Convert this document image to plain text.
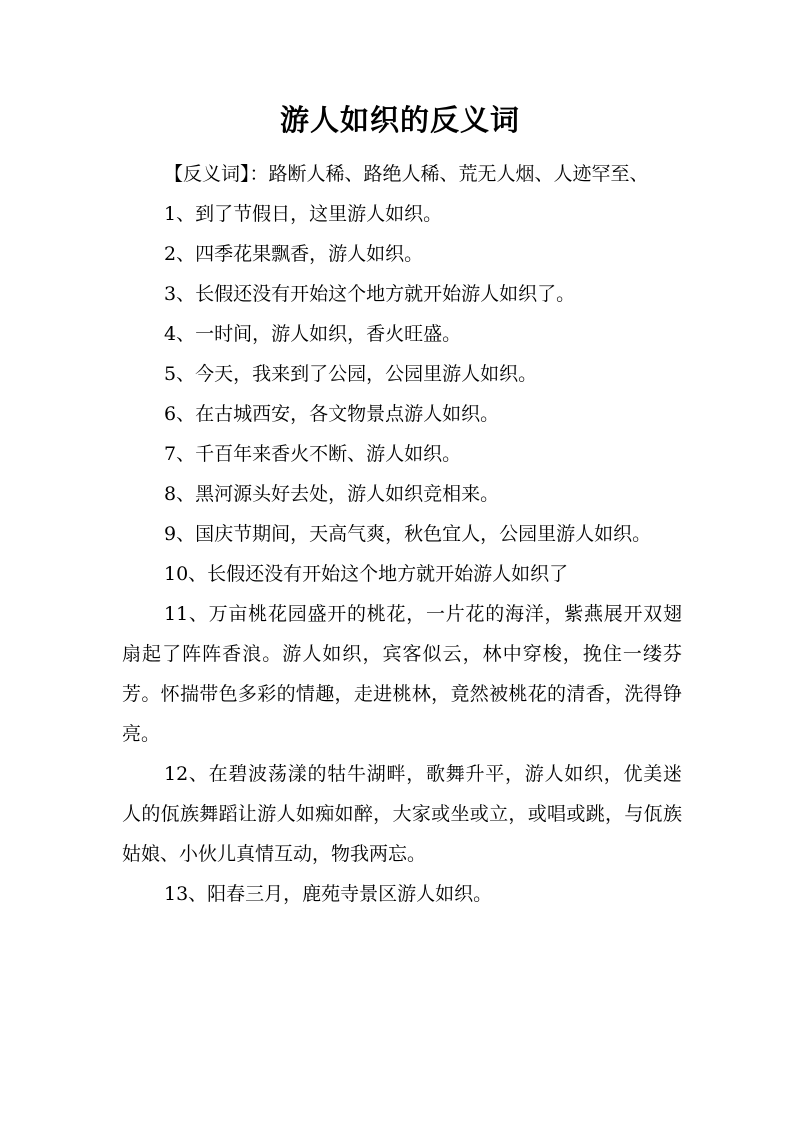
游人如织的反义词

【反义词】：路断人稀、路绝人稀、荒无人烟、人迹罕至、

1、到了节假日，这里游人如织。

2、四季花果飘香，游人如织。

3、长假还没有开始这个地方就开始游人如织了。

4、一时间，游人如织，香火旺盛。

5、今天，我来到了公园，公园里游人如织。

6、在古城西安，各文物景点游人如织。

7、千百年来香火不断、游人如织。

8、黑河源头好去处，游人如织竞相来。

9、国庆节期间，天高气爽，秋色宜人，公园里游人如织。

10、长假还没有开始这个地方就开始游人如织了

11、万亩桃花园盛开的桃花，一片花的海洋，紫燕展开双翅扇起了阵阵香浪。游人如织，宾客似云，林中穿梭，挽住一缕芬芳。怀揣带色多彩的情趣，走进桃林，竟然被桃花的清香，洗得铮亮。

12、在碧波荡漾的牯牛湖畔，歌舞升平，游人如织，优美迷人的佤族舞蹈让游人如痴如醉，大家或坐或立，或唱或跳，与佤族姑娘、小伙儿真情互动，物我两忘。

13、阳春三月，鹿苑寺景区游人如织。
